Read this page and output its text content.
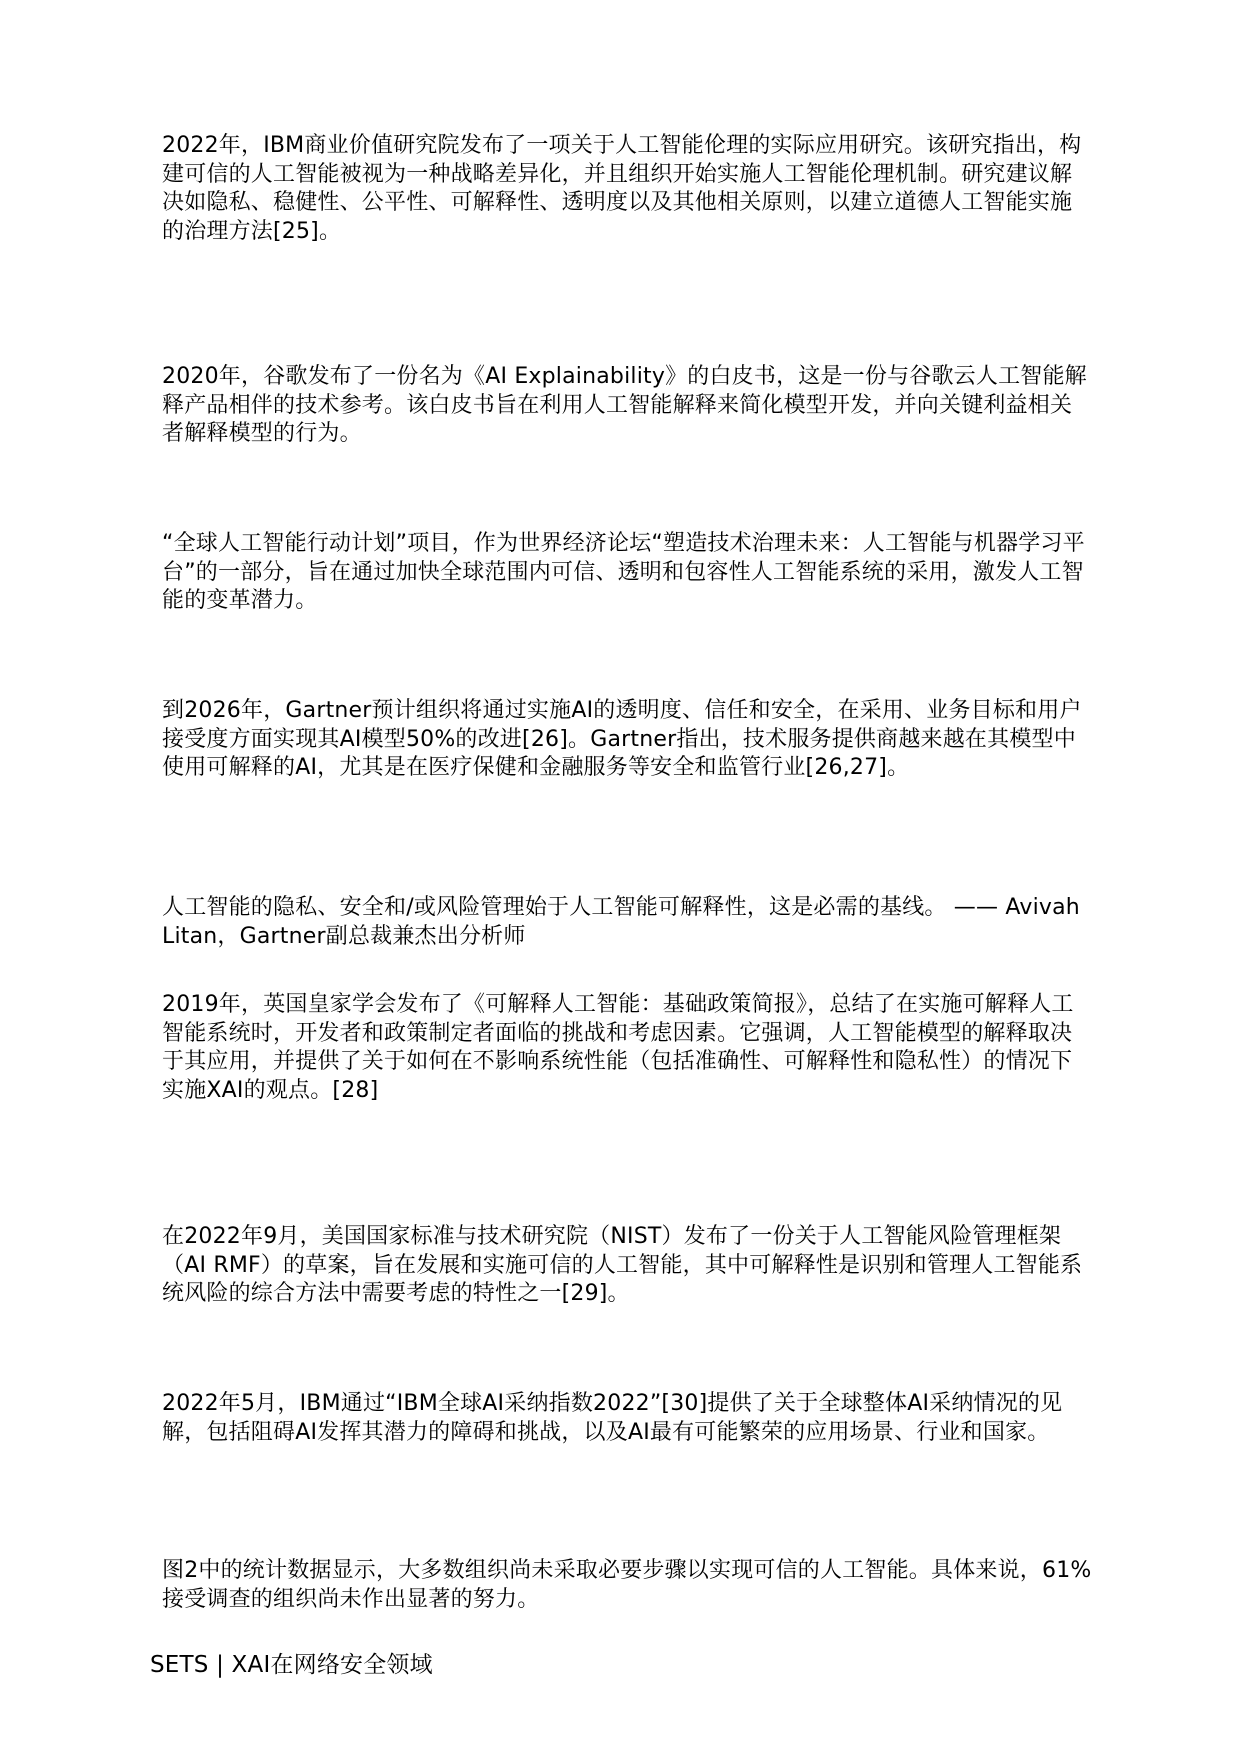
2022年，IBM商业价值研究院发布了一项关于人工智能伦理的实际应用研究。该研究指出，构建可信的人工智能被视为一种战略差异化，并且组织开始实施人工智能伦理机制。研究建议解决如隐私、稳健性、公平性、可解释性、透明度以及其他相关原则，以建立道德人工智能实施的治理方法[25]。

2020年，谷歌发布了一份名为《AI Explainability》的白皮书，这是一份与谷歌云人工智能解释产品相伴的技术参考。该白皮书旨在利用人工智能解释来简化模型开发，并向关键利益相关者解释模型的行为。

“全球人工智能行动计划”项目，作为世界经济论坛“塑造技术治理未来：人工智能与机器学习平台”的一部分，旨在通过加快全球范围内可信、透明和包容性人工智能系统的采用，激发人工智能的变革潜力。

到2026年，Gartner预计组织将通过实施AI的透明度、信任和安全，在采用、业务目标和用户接受度方面实现其AI模型50%的改进[26]。Gartner指出，技术服务提供商越来越在其模型中使用可解释的AI，尤其是在医疗保健和金融服务等安全和监管行业[26,27]。

人工智能的隐私、安全和/或风险管理始于人工智能可解释性，这是必需的基线。 —— Avivah Litan，Gartner副总裁兼杰出分析师

2019年，英国皇家学会发布了《可解释人工智能：基础政策简报》，总结了在实施可解释人工智能系统时，开发者和政策制定者面临的挑战和考虑因素。它强调，人工智能模型的解释取决于其应用，并提供了关于如何在不影响系统性能（包括准确性、可解释性和隐私性）的情况下实施XAI的观点。[28]

在2022年9月，美国国家标准与技术研究院（NIST）发布了一份关于人工智能风险管理框架（AI RMF）的草案，旨在发展和实施可信的人工智能，其中可解释性是识别和管理人工智能系统风险的综合方法中需要考虑的特性之一[29]。

2022年5月，IBM通过“IBM全球AI采纳指数2022”[30]提供了关于全球整体AI采纳情况的见解，包括阻碍AI发挥其潜力的障碍和挑战，以及AI最有可能繁荣的应用场景、行业和国家。

图2中的统计数据显示，大多数组织尚未采取必要步骤以实现可信的人工智能。具体来说，61%接受调查的组织尚未作出显著的努力。

SETS | XAI在网络安全领域
